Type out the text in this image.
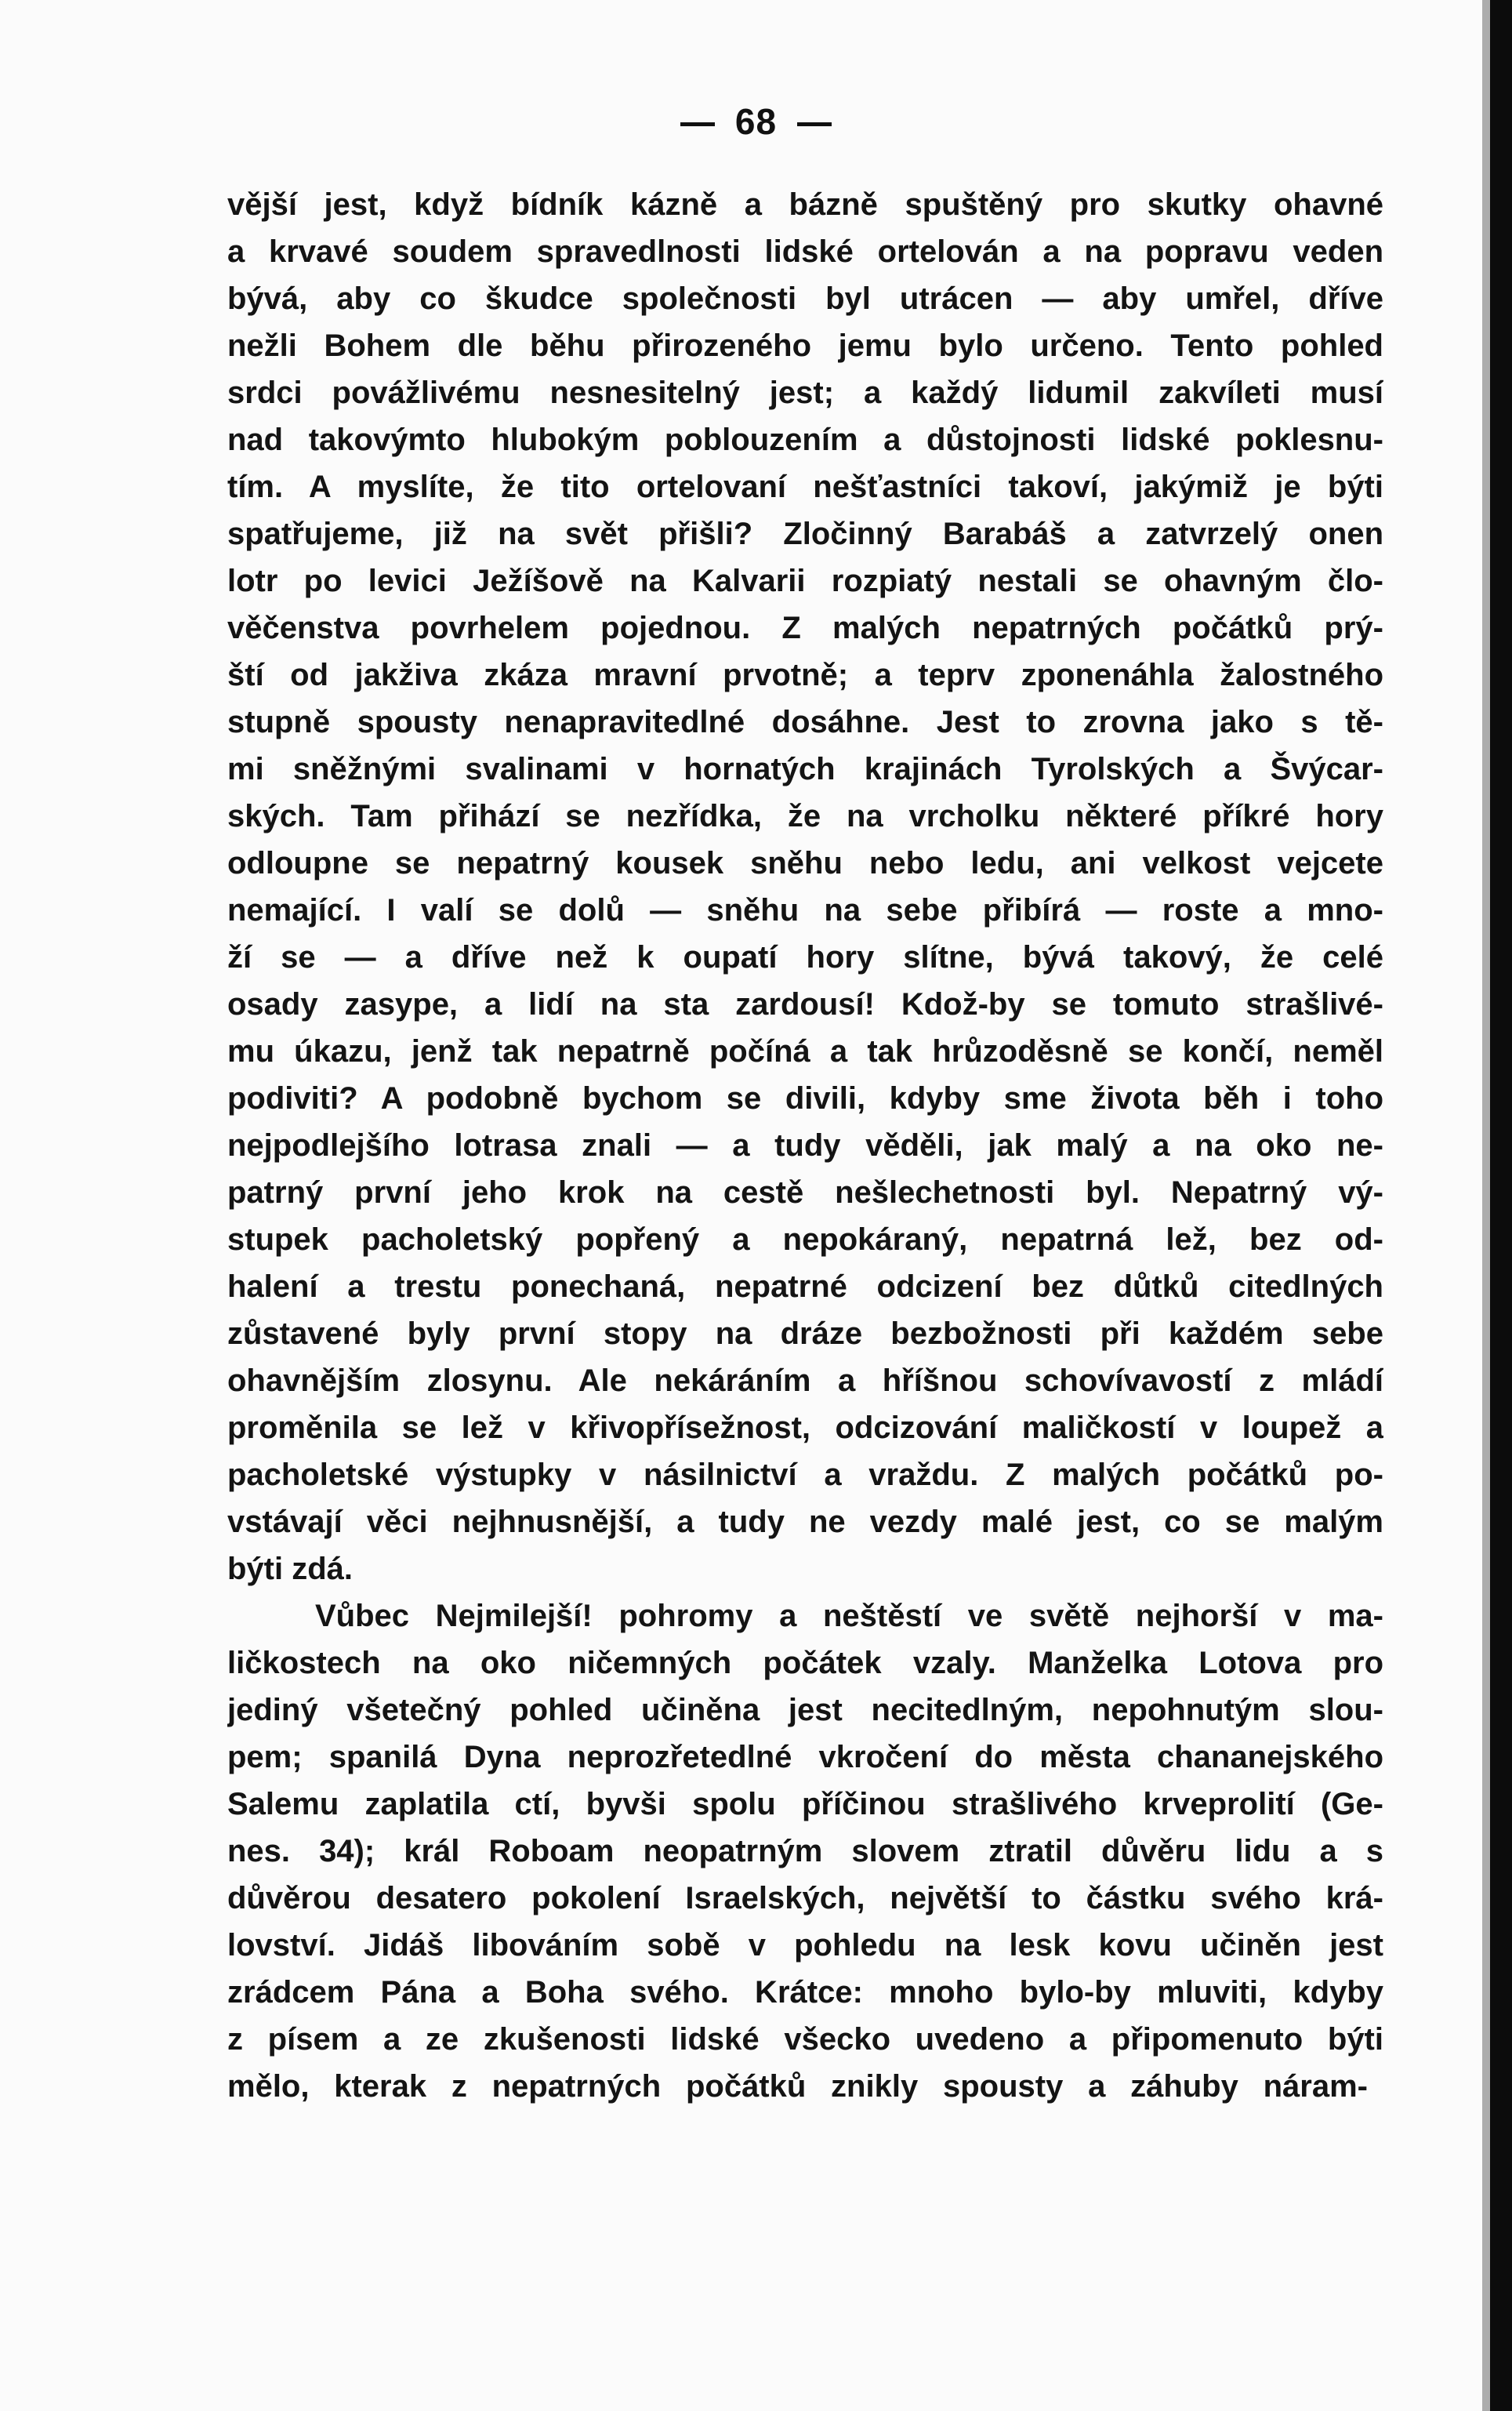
68
vější jest, když bídník kázně a bázně spuštěný pro skutky ohavné
a krvavé soudem spravedlnosti lidské ortelován a na popravu veden
bývá, aby co škudce společnosti byl utrácen — aby umřel, dříve
nežli Bohem dle běhu přirozeného jemu bylo určeno. Tento pohled
srdci povážlivému nesnesitelný jest; a každý lidumil zakvíleti musí
nad takovýmto hlubokým poblouzením a důstojnosti lidské poklesnu-
tím. A myslíte, že tito ortelovaní nešťastníci takoví, jakýmiž je býti
spatřujeme, již na svět přišli? Zločinný Barabáš a zatvrzelý onen
lotr po levici Ježíšově na Kalvarii rozpiatý nestali se ohavným člo-
věčenstva povrhelem pojednou. Z malých nepatrných počátků prý-
ští od jakživa zkáza mravní prvotně; a teprv zponenáhla žalostného
stupně spousty nenapravitedlné dosáhne. Jest to zrovna jako s tě-
mi sněžnými svalinami v hornatých krajinách Tyrolských a Švýcar-
ských. Tam přihází se nezřídka, že na vrcholku některé příkré hory
odloupne se nepatrný kousek sněhu nebo ledu, ani velkost vejcete
nemající. I valí se dolů — sněhu na sebe přibírá — roste a mno-
ží se — a dříve než k oupatí hory slítne, bývá takový, že celé
osady zasype, a lidí na sta zardousí! Kdož-by se tomuto strašlivé-
mu úkazu, jenž tak nepatrně počíná a tak hrůzoděsně se končí, neměl
podiviti? A podobně bychom se divili, kdyby sme života běh i toho
nejpodlejšího lotrasa znali — a tudy věděli, jak malý a na oko ne-
patrný první jeho krok na cestě nešlechetnosti byl. Nepatrný vý-
stupek pacholetský popřený a nepokáraný, nepatrná lež, bez od-
halení a trestu ponechaná, nepatrné odcizení bez důtků citedlných
zůstavené byly první stopy na dráze bezbožnosti při každém sebe
ohavnějším zlosynu. Ale nekáráním a hříšnou schovívavostí z mládí
proměnila se lež v křivopřísežnost, odcizování maličkostí v loupež a
pacholetské výstupky v násilnictví a vraždu. Z malých počátků po-
vstávají věci nejhnusnější, a tudy ne vezdy malé jest, co se malým
býti zdá.
Vůbec Nejmilejší! pohromy a neštěstí ve světě nejhorší v ma-
ličkostech na oko ničemných počátek vzaly. Manželka Lotova pro
jediný všetečný pohled učiněna jest necitedlným, nepohnutým slou-
pem; spanilá Dyna neprozřetedlné vkročení do města chananejského
Salemu zaplatila ctí, byvši spolu příčinou strašlivého krveprolití (Ge-
nes. 34); král Roboam neopatrným slovem ztratil důvěru lidu a s
důvěrou desatero pokolení Israelských, největší to částku svého krá-
lovství. Jidáš libováním sobě v pohledu na lesk kovu učiněn jest
zrádcem Pána a Boha svého. Krátce: mnoho bylo-by mluviti, kdyby
z písem a ze zkušenosti lidské všecko uvedeno a připomenuto býti
mělo, kterak z nepatrných počátků znikly spousty a záhuby náram-
